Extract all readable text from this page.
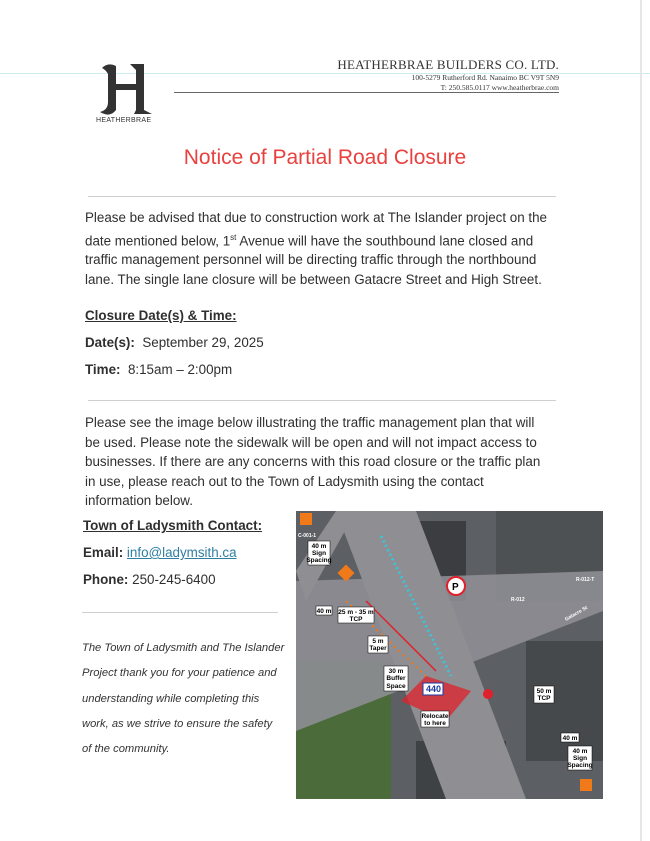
HEATHERBRAE
HEATHERBRAE BUILDERS CO. LTD.
100-5279 Rutherford Rd. Nanaimo BC V9T 5N9
T: 250.585.0117 www.heatherbrae.com
Notice of Partial Road Closure
Please be advised that due to construction work at The Islander project on the
date mentioned below, 1st Avenue will have the southbound lane closed and
traffic management personnel will be directing traffic through the northbound
lane. The single lane closure will be between Gatacre Street and High Street.
Closure Date(s) & Time:
Date(s): September 29, 2025
Time: 8:15am – 2:00pm
Please see the image below illustrating the traffic management plan that will
be used. Please note the sidewalk will be open and will not impact access to
businesses. If there are any concerns with this road closure or the traffic plan
in use, please reach out to the Town of Ladysmith using the contact
information below.
Town of Ladysmith Contact:
Email: info@ladymsith.ca
Phone: 250-245-6400
The Town of Ladysmith and The Islander
Project thank you for your patience and
understanding while completing this
work, as we strive to ensure the safety
of the community.
P
440
40 m
Sign
Spacing
40 m 25 m - 35 m
TCP
5 m
Taper
30 m
Buffer
Space
Relocate
to here
50 m
TCP
40 m
40 m
Sign
Spacing
Gatacre St
C-001-1
R-012
R-012-T
